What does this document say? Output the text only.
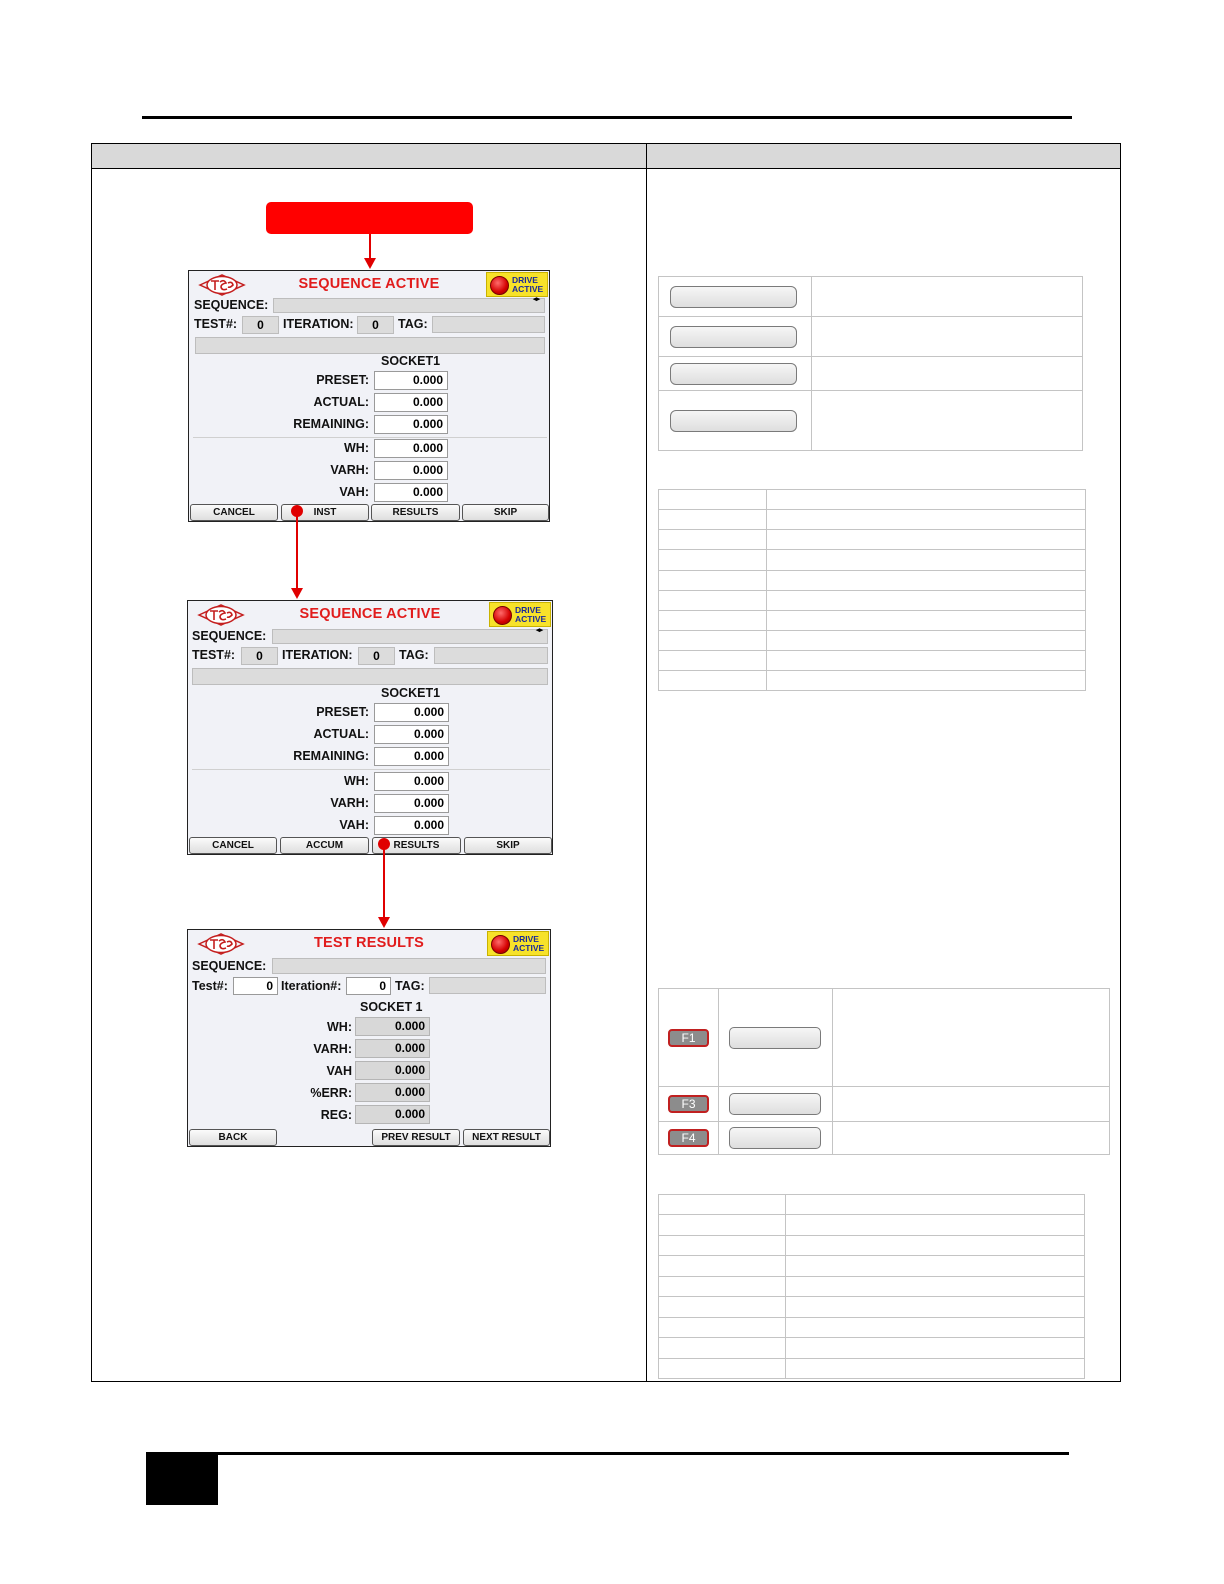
SEQUENCE ACTIVE	DRIVE
ACTIVE
SEQUENCE:	◂▸
TEST#:	0	ITERATION:	0	TAG:
SOCKET1
PRESET:	0.000
ACTUAL:	0.000
REMAINING:	0.000
WH:	0.000
VARH:	0.000
VAH:	0.000
CANCEL	INST	RESULTS	SKIP
SEQUENCE ACTIVE	DRIVE
ACTIVE
SEQUENCE:	◂▸
TEST#:	0	ITERATION:	0	TAG:
SOCKET1
PRESET:	0.000
ACTUAL:	0.000
REMAINING:	0.000
WH:	0.000
VARH:	0.000
VAH:	0.000
CANCEL	ACCUM	RESULTS	SKIP
TEST RESULTS	DRIVE
ACTIVE
SEQUENCE:
Test#:	0 Iteration#:	0 TAG:
SOCKET 1
WH:	0.000
VARH:	0.000
VAH	0.000
%ERR:	0.000
REG:	0.000
BACK	PREV RESULT	NEXT RESULT

F1		

F3		

F4		
